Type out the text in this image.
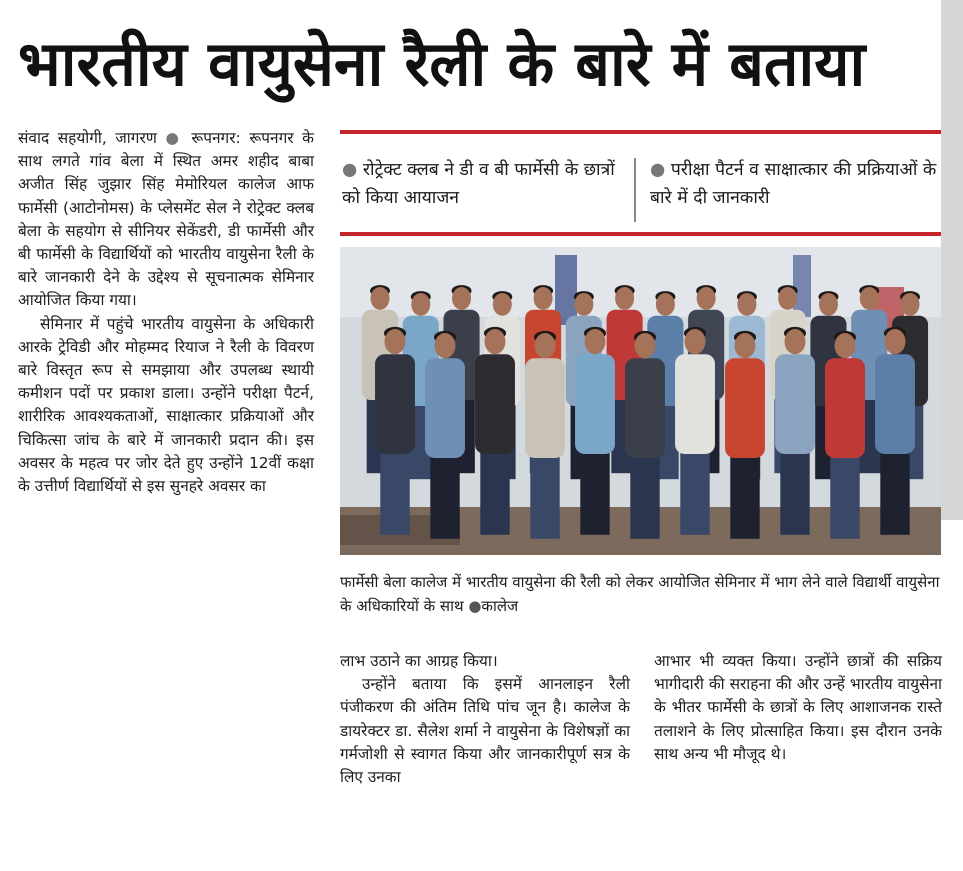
भारतीय वायुसेना रैली के बारे में बताया

संवाद सहयोगी, जागरण ● रूपनगर: रूपनगर के साथ लगते गांव बेला में स्थित अमर शहीद बाबा अजीत सिंह जुझार सिंह मेमोरियल कालेज आफ फार्मेसी (आटोनोमस) के प्लेसमेंट सेल ने रोट्रेक्ट क्लब बेला के सहयोग से सीनियर सेकेंडरी, डी फार्मेसी और बी फार्मेसी के विद्यार्थियों को भारतीय वायुसेना रैली के बारे जानकारी देने के उद्देश्य से सूचनात्मक सेमिनार आयोजित किया गया।

सेमिनार में पहुंचे भारतीय वायुसेना के अधिकारी आरके ट्रेविडी और मोहम्मद रियाज ने रैली के विवरण बारे विस्तृत रूप से समझाया और उपलब्ध स्थायी कमीशन पदों पर प्रकाश डाला। उन्होंने परीक्षा पैटर्न, शारीरिक आवश्यकताओं, साक्षात्कार प्रक्रियाओं और चिकित्सा जांच के बारे में जानकारी प्रदान की। इस अवसर के महत्व पर जोर देते हुए उन्होंने 12वीं कक्षा के उत्तीर्ण विद्यार्थियों से इस सुनहरे अवसर का

● रोट्रेक्ट क्लब ने डी व बी फार्मेसी के छात्रों को किया आयाजन
● परीक्षा पैटर्न व साक्षात्कार की प्रक्रियाओं के बारे में दी जानकारी
फार्मेसी बेला कालेज में भारतीय वायुसेना की रैली को लेकर आयोजित सेमिनार में भाग लेने वाले विद्यार्थी वायुसेना के अधिकारियों के साथ ●कालेज

लाभ उठाने का आग्रह किया।

उन्होंने बताया कि इसमें आनलाइन रैली पंजीकरण की अंतिम तिथि पांच जून है। कालेज के डायरेक्टर डा. सैलेश शर्मा ने वायुसेना के विशेषज्ञों का गर्मजोशी से स्वागत किया और जानकारीपूर्ण सत्र के लिए उनका

आभार भी व्यक्त किया। उन्होंने छात्रों की सक्रिय भागीदारी की सराहना की और उन्हें भारतीय वायुसेना के भीतर फार्मेसी के छात्रों के लिए आशाजनक रास्ते तलाशने के लिए प्रोत्साहित किया। इस दौरान उनके साथ अन्य भी मौजूद थे।
